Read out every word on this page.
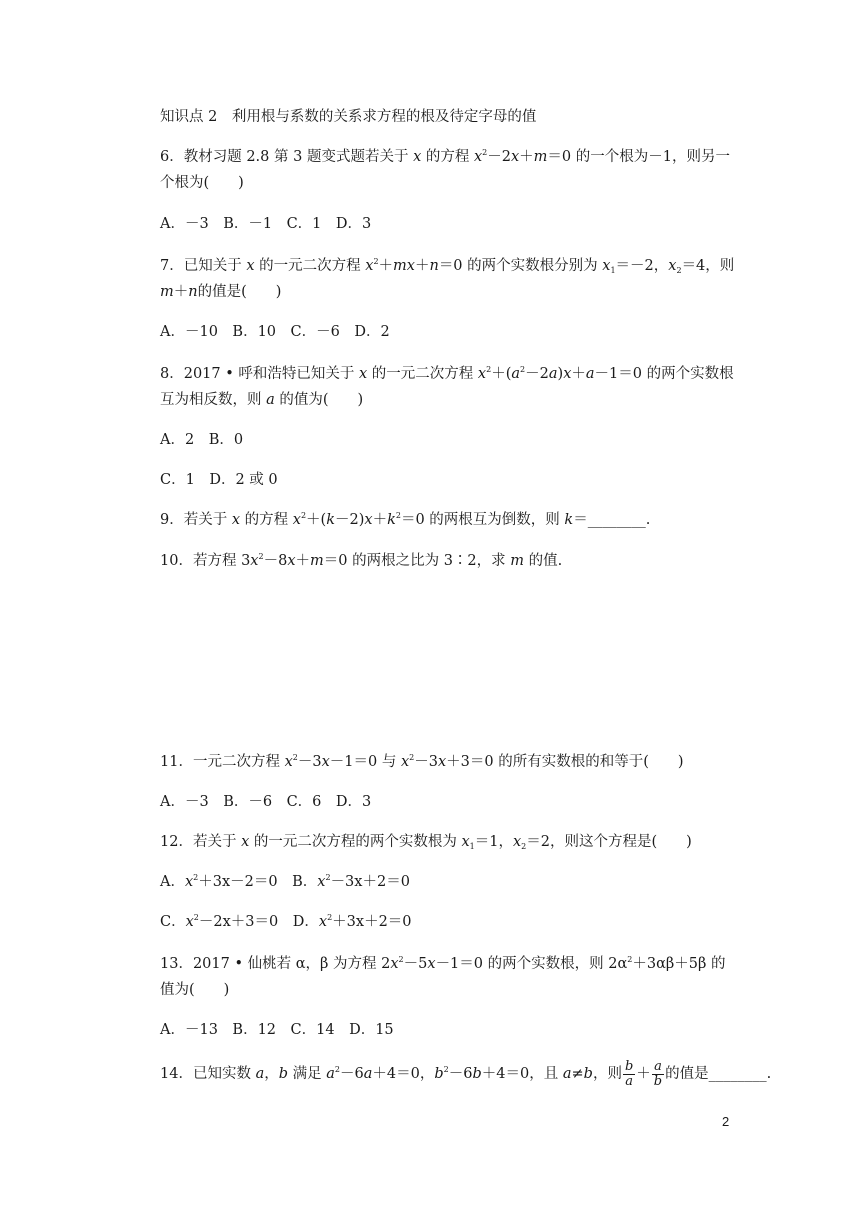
知识点 2　利用根与系数的关系求方程的根及待定字母的值
6．教材习题 2.8 第 3 题变式题若关于 x 的方程 $x^2-2x+m=0$ 的一个根为－1，则另一
个根为(　　)
A．－3　B．－1　C．1　D．3
7．已知关于 x 的一元二次方程 $x^2+mx+n=0$ 的两个实数根分别为 $x_1=-2$，$x_2=4$，则
m＋n的值是(　　)
A．－10　B．10　C．－6　D．2
8．2017 • 呼和浩特已知关于 x 的一元二次方程 $x^2+(a^2-2a)x+a-1=0$ 的两个实数根
互为相反数，则 a 的值为(　　)
A．2　B．0
C．1　D．2 或 0
9．若关于 x 的方程 $x^2+(k-2)x+k^2=0$ 的两根互为倒数，则 k＝________.
10．若方程 $3x^2-8x+m=0$ 的两根之比为 3∶2，求 m 的值.
11．一元二次方程 $x^2-3x-1=0$ 与 $x^2-3x+3=0$ 的所有实数根的和等于(　　)
A．－3　B．－6　C．6　D．3
12．若关于 x 的一元二次方程的两个实数根为 $x_1=1$，$x_2=2$，则这个方程是(　　)
A．$x^2+3x-2=0$　B．$x^2-3x+2=0$
C．$x^2-2x+3=0$　D．$x^2+3x+2=0$
13．2017 • 仙桃若 α，β 为方程 $2x^2-5x-1=0$ 的两个实数根，则 $2\alpha^2+3\alpha\beta+5\beta$ 的
值为(　　)
A．－13　B．12　C．14　D．15
14．已知实数 a，b 满足 $a^2-6a+4=0$，$b^2-6b+4=0$，且 a≠b，则 $\frac{b}{a} + \frac{a}{b}$ 的值是________.
2
